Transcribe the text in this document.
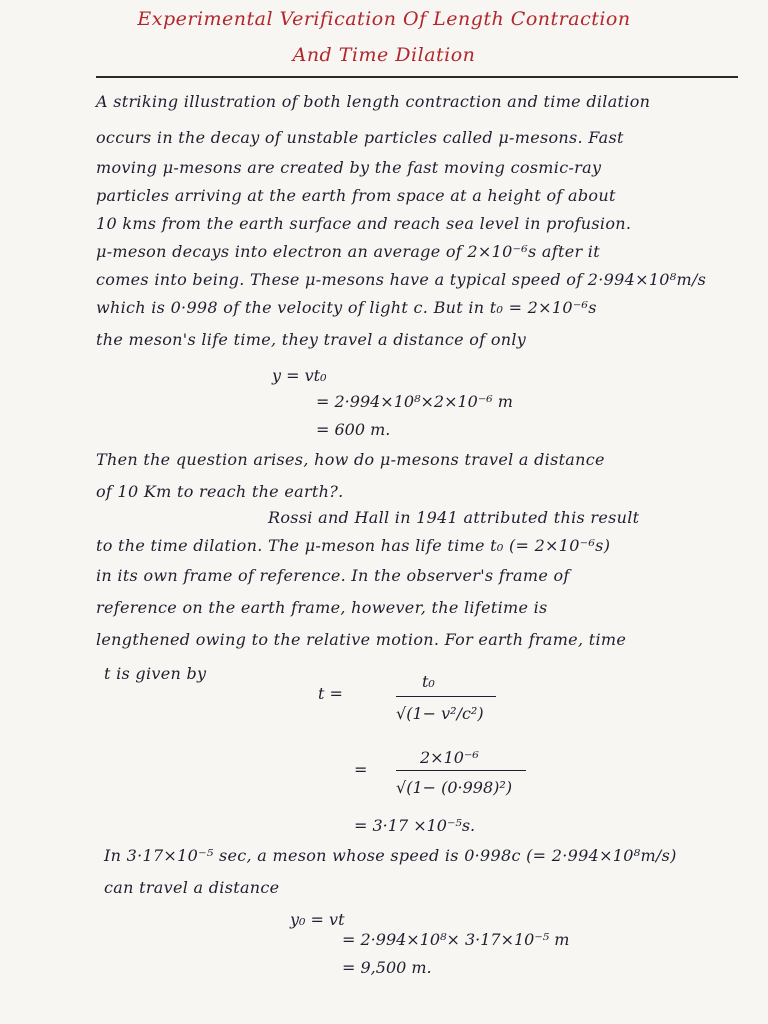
Experimental Verification Of Length Contraction
And Time Dilation
A striking illustration of both length contraction and time dilation
occurs in the decay of unstable particles called μ-mesons. Fast
moving μ-mesons are created by the fast moving cosmic-ray
particles arriving at the earth from space at a height of about
10 kms from the earth surface and reach sea level in profusion.
μ-meson decays into electron an average of 2×10⁻⁶s after it
comes into being. These μ-mesons have a typical speed of 2·994×10⁸m/s
which is 0·998 of the velocity of light c. But in t₀ = 2×10⁻⁶s
the meson's life time, they travel a distance of only
y = vt₀
= 2·994×10⁸×2×10⁻⁶ m
= 600 m.
Then the question arises, how do μ-mesons travel a distance
of 10 Km to reach the earth?.
Rossi and Hall in 1941 attributed this result
to the time dilation. The μ-meson has life time t₀ (= 2×10⁻⁶s)
in its own frame of reference. In the observer's frame of
reference on the earth frame, however, the lifetime is
lengthened owing to the relative motion. For earth frame, time
t is given by
t =
t₀
√(1− v²/c²)
=
2×10⁻⁶
√(1− (0·998)²)
= 3·17 ×10⁻⁵s.
In 3·17×10⁻⁵ sec, a meson whose speed is 0·998c (= 2·994×10⁸m/s)
can travel a distance
y₀ = vt
= 2·994×10⁸× 3·17×10⁻⁵ m
= 9,500 m.
